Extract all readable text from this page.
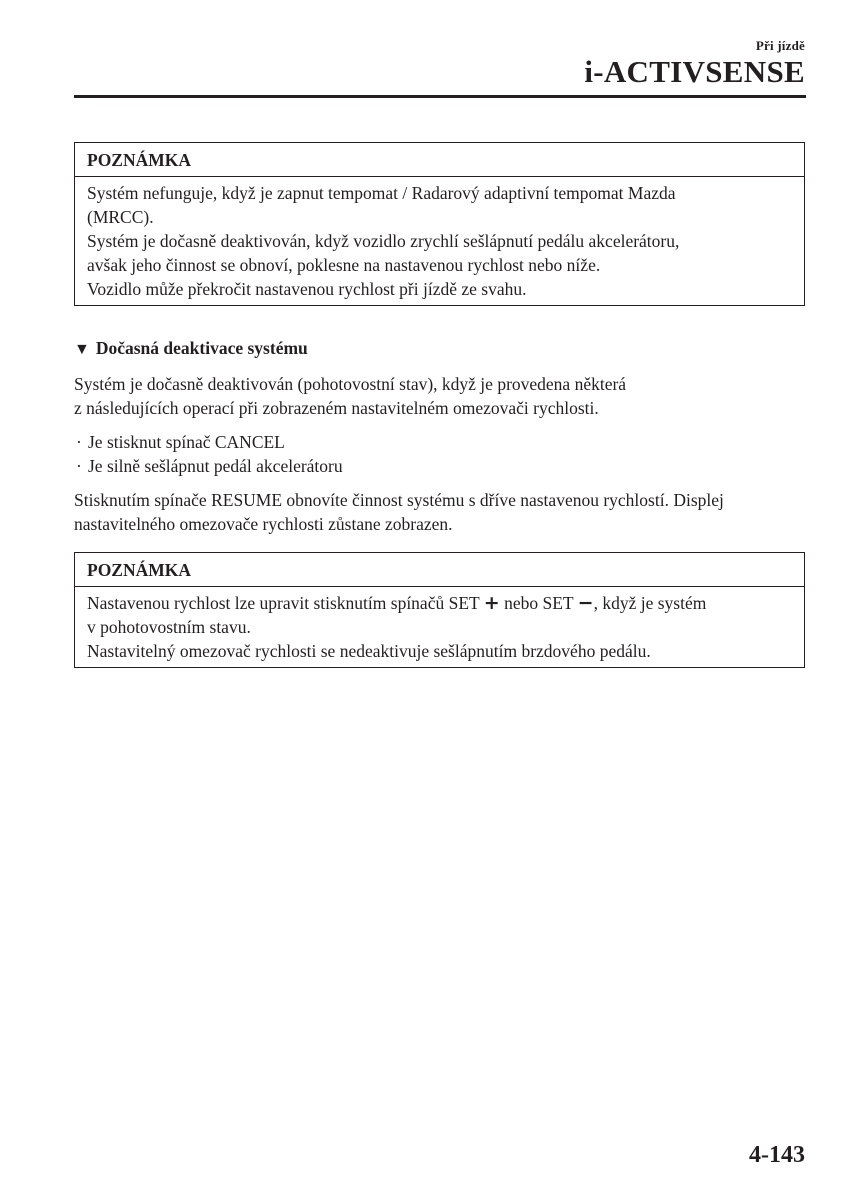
Při jízdě
i-ACTIVSENSE
POZNÁMKA
Systém nefunguje, když je zapnut tempomat / Radarový adaptivní tempomat Mazda
(MRCC).
Systém je dočasně deaktivován, když vozidlo zrychlí sešlápnutí pedálu akcelerátoru,
avšak jeho činnost se obnoví, poklesne na nastavenou rychlost nebo níže.
Vozidlo může překročit nastavenou rychlost při jízdě ze svahu.
▼ Dočasná deaktivace systému
Systém je dočasně deaktivován (pohotovostní stav), když je provedena některá
z následujících operací při zobrazeném nastavitelném omezovači rychlosti.
· Je stisknut spínač CANCEL
· Je silně sešlápnut pedál akcelerátoru
Stisknutím spínače RESUME obnovíte činnost systému s dříve nastavenou rychlostí. Displej
nastavitelného omezovače rychlosti zůstane zobrazen.
POZNÁMKA
Nastavenou rychlost lze upravit stisknutím spínačů SET + nebo SET −, když je systém
v pohotovostním stavu.
Nastavitelný omezovač rychlosti se nedeaktivuje sešlápnutím brzdového pedálu.
4-143
